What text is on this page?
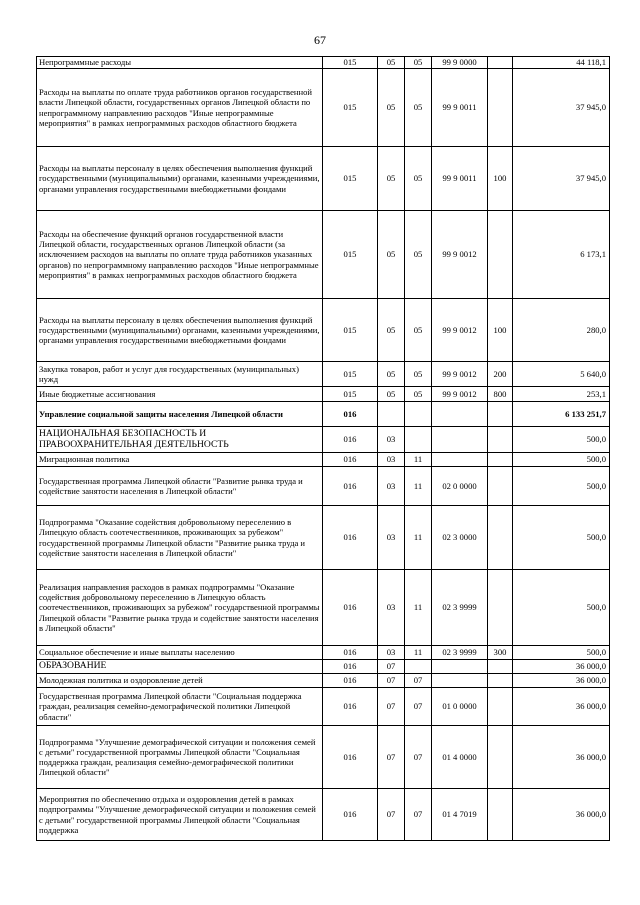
67
Непрограммные расходы	015	05	05	99 9 0000		44 118,1
Расходы на выплаты по оплате труда работников органов государственной власти Липецкой области, государственных органов Липецкой области по непрограммному направлению расходов "Иные непрограммные мероприятия" в рамках непрограммных расходов областного бюджета	015	05	05	99 9 0011		37 945,0
Расходы на выплаты персоналу в целях обеспечения выполнения функций государственными (муниципальными) органами, казенными учреждениями, органами управления государственными внебюджетными фондами	015	05	05	99 9 0011	100	37 945,0
Расходы на обеспечение функций органов государственной власти Липецкой области, государственных органов Липецкой области (за исключением расходов на выплаты по оплате труда работников указанных органов) по непрограммному направлению расходов "Иные непрограммные мероприятия" в рамках непрограммных расходов областного бюджета	015	05	05	99 9 0012		6 173,1
Расходы на выплаты персоналу в целях обеспечения выполнения функций государственными (муниципальными) органами, казенными учреждениями, органами управления государственными внебюджетными фондами	015	05	05	99 9 0012	100	280,0
Закупка товаров, работ и услуг для государственных (муниципальных) нужд	015	05	05	99 9 0012	200	5 640,0
Иные бюджетные ассигнования	015	05	05	99 9 0012	800	253,1
Управление социальной защиты населения Липецкой области	016					6 133 251,7
НАЦИОНАЛЬНАЯ БЕЗОПАСНОСТЬ И ПРАВООХРАНИТЕЛЬНАЯ ДЕЯТЕЛЬНОСТЬ	016	03				500,0
Миграционная политика	016	03	11			500,0
Государственная программа Липецкой области "Развитие рынка труда и содействие занятости населения в Липецкой области"	016	03	11	02 0 0000		500,0
Подпрограмма "Оказание содействия добровольному переселению в Липецкую область соотечественников, проживающих за рубежом" государственной программы Липецкой области "Развитие рынка труда и содействие занятости населения в Липецкой области"	016	03	11	02 3 0000		500,0
Реализация направления расходов в рамках подпрограммы "Оказание содействия добровольному переселению в Липецкую область соотечественников, проживающих за рубежом" государственной программы Липецкой области "Развитие рынка труда и содействие занятости населения в Липецкой области"	016	03	11	02 3 9999		500,0
Социальное обеспечение и иные выплаты населению	016	03	11	02 3 9999	300	500,0
ОБРАЗОВАНИЕ	016	07				36 000,0
Молодежная политика и оздоровление детей	016	07	07			36 000,0
Государственная программа Липецкой области "Социальная поддержка граждан, реализация семейно-демографической политики Липецкой области"	016	07	07	01 0 0000		36 000,0
Подпрограмма "Улучшение демографической ситуации и положения семей с детьми" государственной программы Липецкой области "Социальная поддержка граждан, реализация семейно-демографической политики Липецкой области"	016	07	07	01 4 0000		36 000,0
Мероприятия по обеспечению отдыха и оздоровления детей в рамках подпрограммы "Улучшение демографической ситуации и положения семей с детьми" государственной программы Липецкой области "Социальная поддержка	016	07	07	01 4 7019		36 000,0
